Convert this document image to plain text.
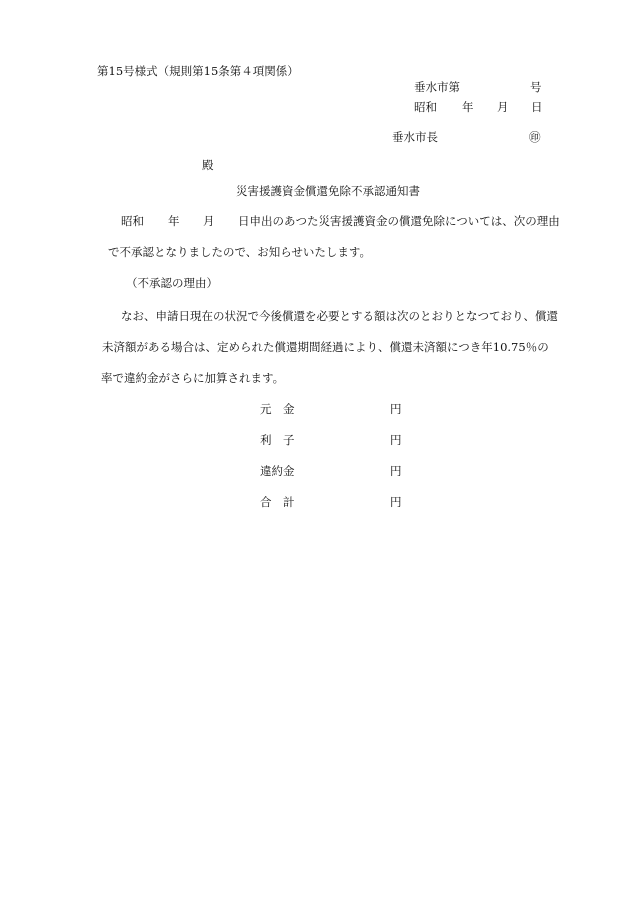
第15号様式（規則第15条第４項関係）
垂水市第	号
昭和 年 月 日
垂水市長	㊞
殿
災害援護資金償還免除不承認通知書
昭和 年 月 日申出のあつた災害援護資金の償還免除については、次の理由
で不承認となりましたので、お知らせいたします。
（不承認の理由）
なお、申請日現在の状況で今後償還を必要とする額は次のとおりとなつており、償還
未済額がある場合は、定められた償還期間経過により、償還未済額につき年10.75％の
率で違約金がさらに加算されます。
元　金	円
利　子	円
違約金	円
合　計	円
